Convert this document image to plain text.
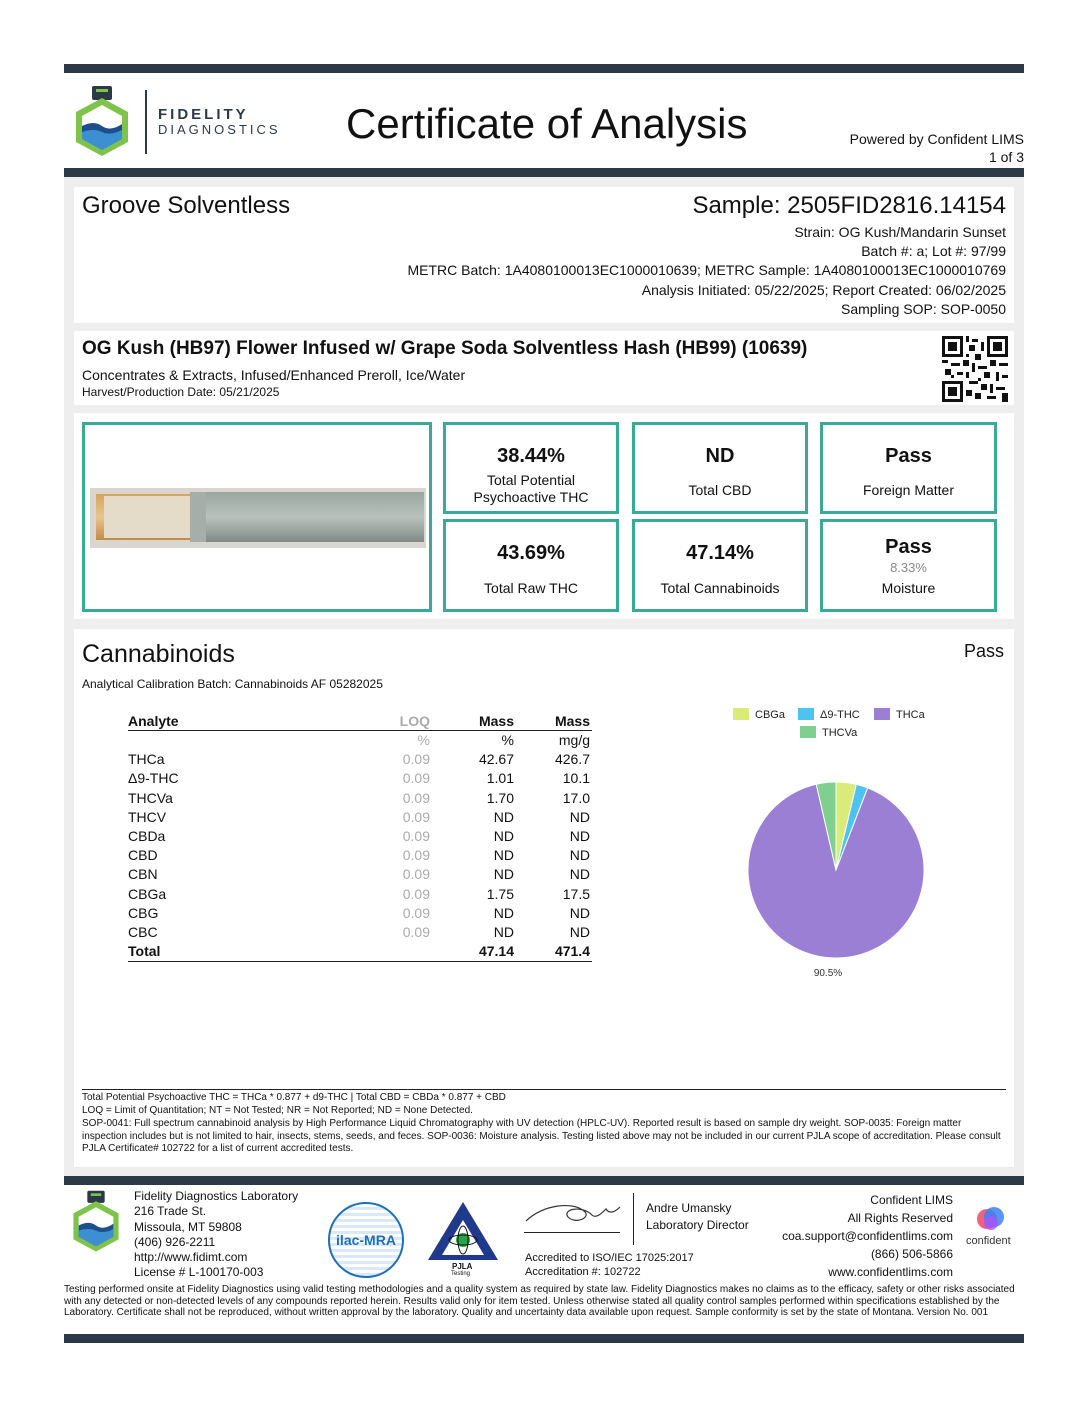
FIDELITY
DIAGNOSTICS Certificate of Analysis	Powered by Confident LIMS
1 of 3
Groove Solventless	Sample: 2505FID2816.14154
Strain: OG Kush/Mandarin Sunset
Batch #: a; Lot #: 97/99
METRC Batch: 1A4080100013EC1000010639; METRC Sample: 1A4080100013EC1000010769
Analysis Initiated: 05/22/2025; Report Created: 06/02/2025
Sampling SOP: SOP-0050
OG Kush (HB97) Flower Infused w/ Grape Soda Solventless Hash (HB99) (10639)
Concentrates & Extracts, Infused/Enhanced Preroll, Ice/Water
Harvest/Production Date: 05/21/2025
38.44%
Total Potential
Psychoactive THC
ND
Total CBD
Pass
Foreign Matter
43.69%
Total Raw THC
47.14%
Total Cannabinoids
Pass
8.33%
Moisture
Cannabinoids	Pass
Analytical Calibration Batch: Cannabinoids AF 05282025
Analyte	LOQ	Mass	Mass
	%	%	mg/g
THCa	0.09	42.67	426.7
Δ9-THC	0.09	1.01	10.1
THCVa	0.09	1.70	17.0
THCV	0.09	ND	ND
CBDa	0.09	ND	ND
CBD	0.09	ND	ND
CBN	0.09	ND	ND
CBGa	0.09	1.75	17.5
CBG	0.09	ND	ND
CBC	0.09	ND	ND
Total		47.14	471.4
CBGa	Δ9-THC	THCa
THCVa
90.5%
Total Potential Psychoactive THC = THCa * 0.877 + d9-THC | Total CBD = CBDa * 0.877 + CBD
LOQ = Limit of Quantitation; NT = Not Tested; NR = Not Reported; ND = None Detected.
SOP-0041: Full spectrum cannabinoid analysis by High Performance Liquid Chromatography with UV detection (HPLC-UV). Reported result is based on sample dry weight. SOP-0035: Foreign matter inspection includes but is not limited to hair, insects, stems, seeds, and feces. SOP-0036: Moisture analysis. Testing listed above may not be included in our current PJLA scope of accreditation. Please consult PJLA Certificate# 102722 for a list of current accredited tests.
Fidelity Diagnostics Laboratory
216 Trade St.
Missoula, MT 59808
(406) 926-2211
http://www.fidimt.com
License # L-100170-003
ilac-MRA
PJLA
Testing
Andre Umansky
Laboratory Director
Accredited to ISO/IEC 17025:2017
Accreditation #: 102722
Confident LIMS
All Rights Reserved
coa.support@confidentlims.com
(866) 506-5866
www.confidentlims.com
confident
Testing performed onsite at Fidelity Diagnostics using valid testing methodologies and a quality system as required by state law. Fidelity Diagnostics makes no claims as to the efficacy, safety or other risks associated with any detected or non-detected levels of any compounds reported herein. Results valid only for item tested. Unless otherwise stated all quality control samples performed within specifications established by the Laboratory. Certificate shall not be reproduced, without written approval by the laboratory. Quality and uncertainty data available upon request. Sample conformity is set by the state of Montana. Version No. 001
